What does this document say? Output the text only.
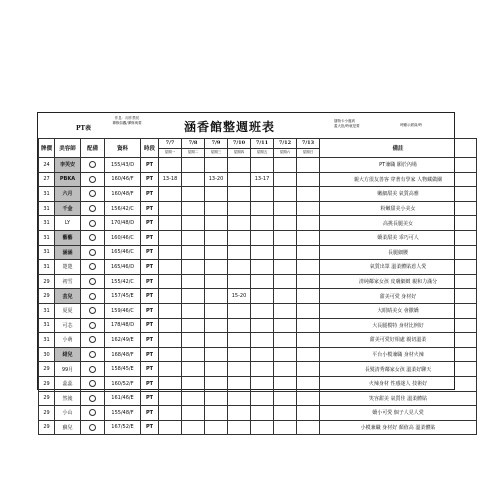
PT表
作息：用作禁菸
禪修如觀/禪修與要	涵香館整週班表	儲物卡小遲到
蓋大批/時就是要	時顯示薪資/時
牌價	美容師	配備	資料	時段	7/7	7/8	7/9	7/10	7/11	7/12	7/13	備註
					星期一	星期二	星期三	星期四	星期五	星期六	星期日	
24	李芙安		155/43/D	PT								PT兼職 願於內場
27	PBKA		160/46/F	PT	13-18		13-20		13-17			親大方很友善客 穿著有學家 人物藏做關
31	六月		160/48/F	PT								嫩細甜美 氣質高雅
31	千金		156/42/C	PT								粉嫩甜美小美女
31	LY		170/48/D	PT								高挑長腿美女
31	藝藝		160/46/C	PT								嬌柔甜美 乖巧可人
31	涵涵		165/46/C	PT								長腿細腰
31	楚楚		165/46/D	PT								氣質出眾 溫柔體貼惹人愛
29	初雪		155/42/C	PT								清純鄰家女孩 皮膚細緻 親和力滿分
29	芸兒		157/45/E	PT				15-20				甜美可愛 身材好
31	夏夏		159/46/C	PT								大眼睛美女 會撒嬌
31	可芯		178/48/D	PT								大長腿模特 身材比例好
31	小萌		162/49/E	PT								甜美可愛好相處 親切溫柔
30	緋兒		168/48/F	PT								平台小模兼職 身材火辣
29	99月		158/45/E	PT								長髮清秀鄰家女孩 溫柔好聊天
29	蕊蕊		160/52/F	PT								火辣身材 性感迷人 技術好
29	然後		161/46/E	PT								笑容甜美 氣質佳 溫柔體貼
29	小山		155/48/F	PT								嬌小可愛 個子人見人愛
29	蘇兒		167/52/E	PT								小模兼職 身材好 顏值高 溫柔體貼
